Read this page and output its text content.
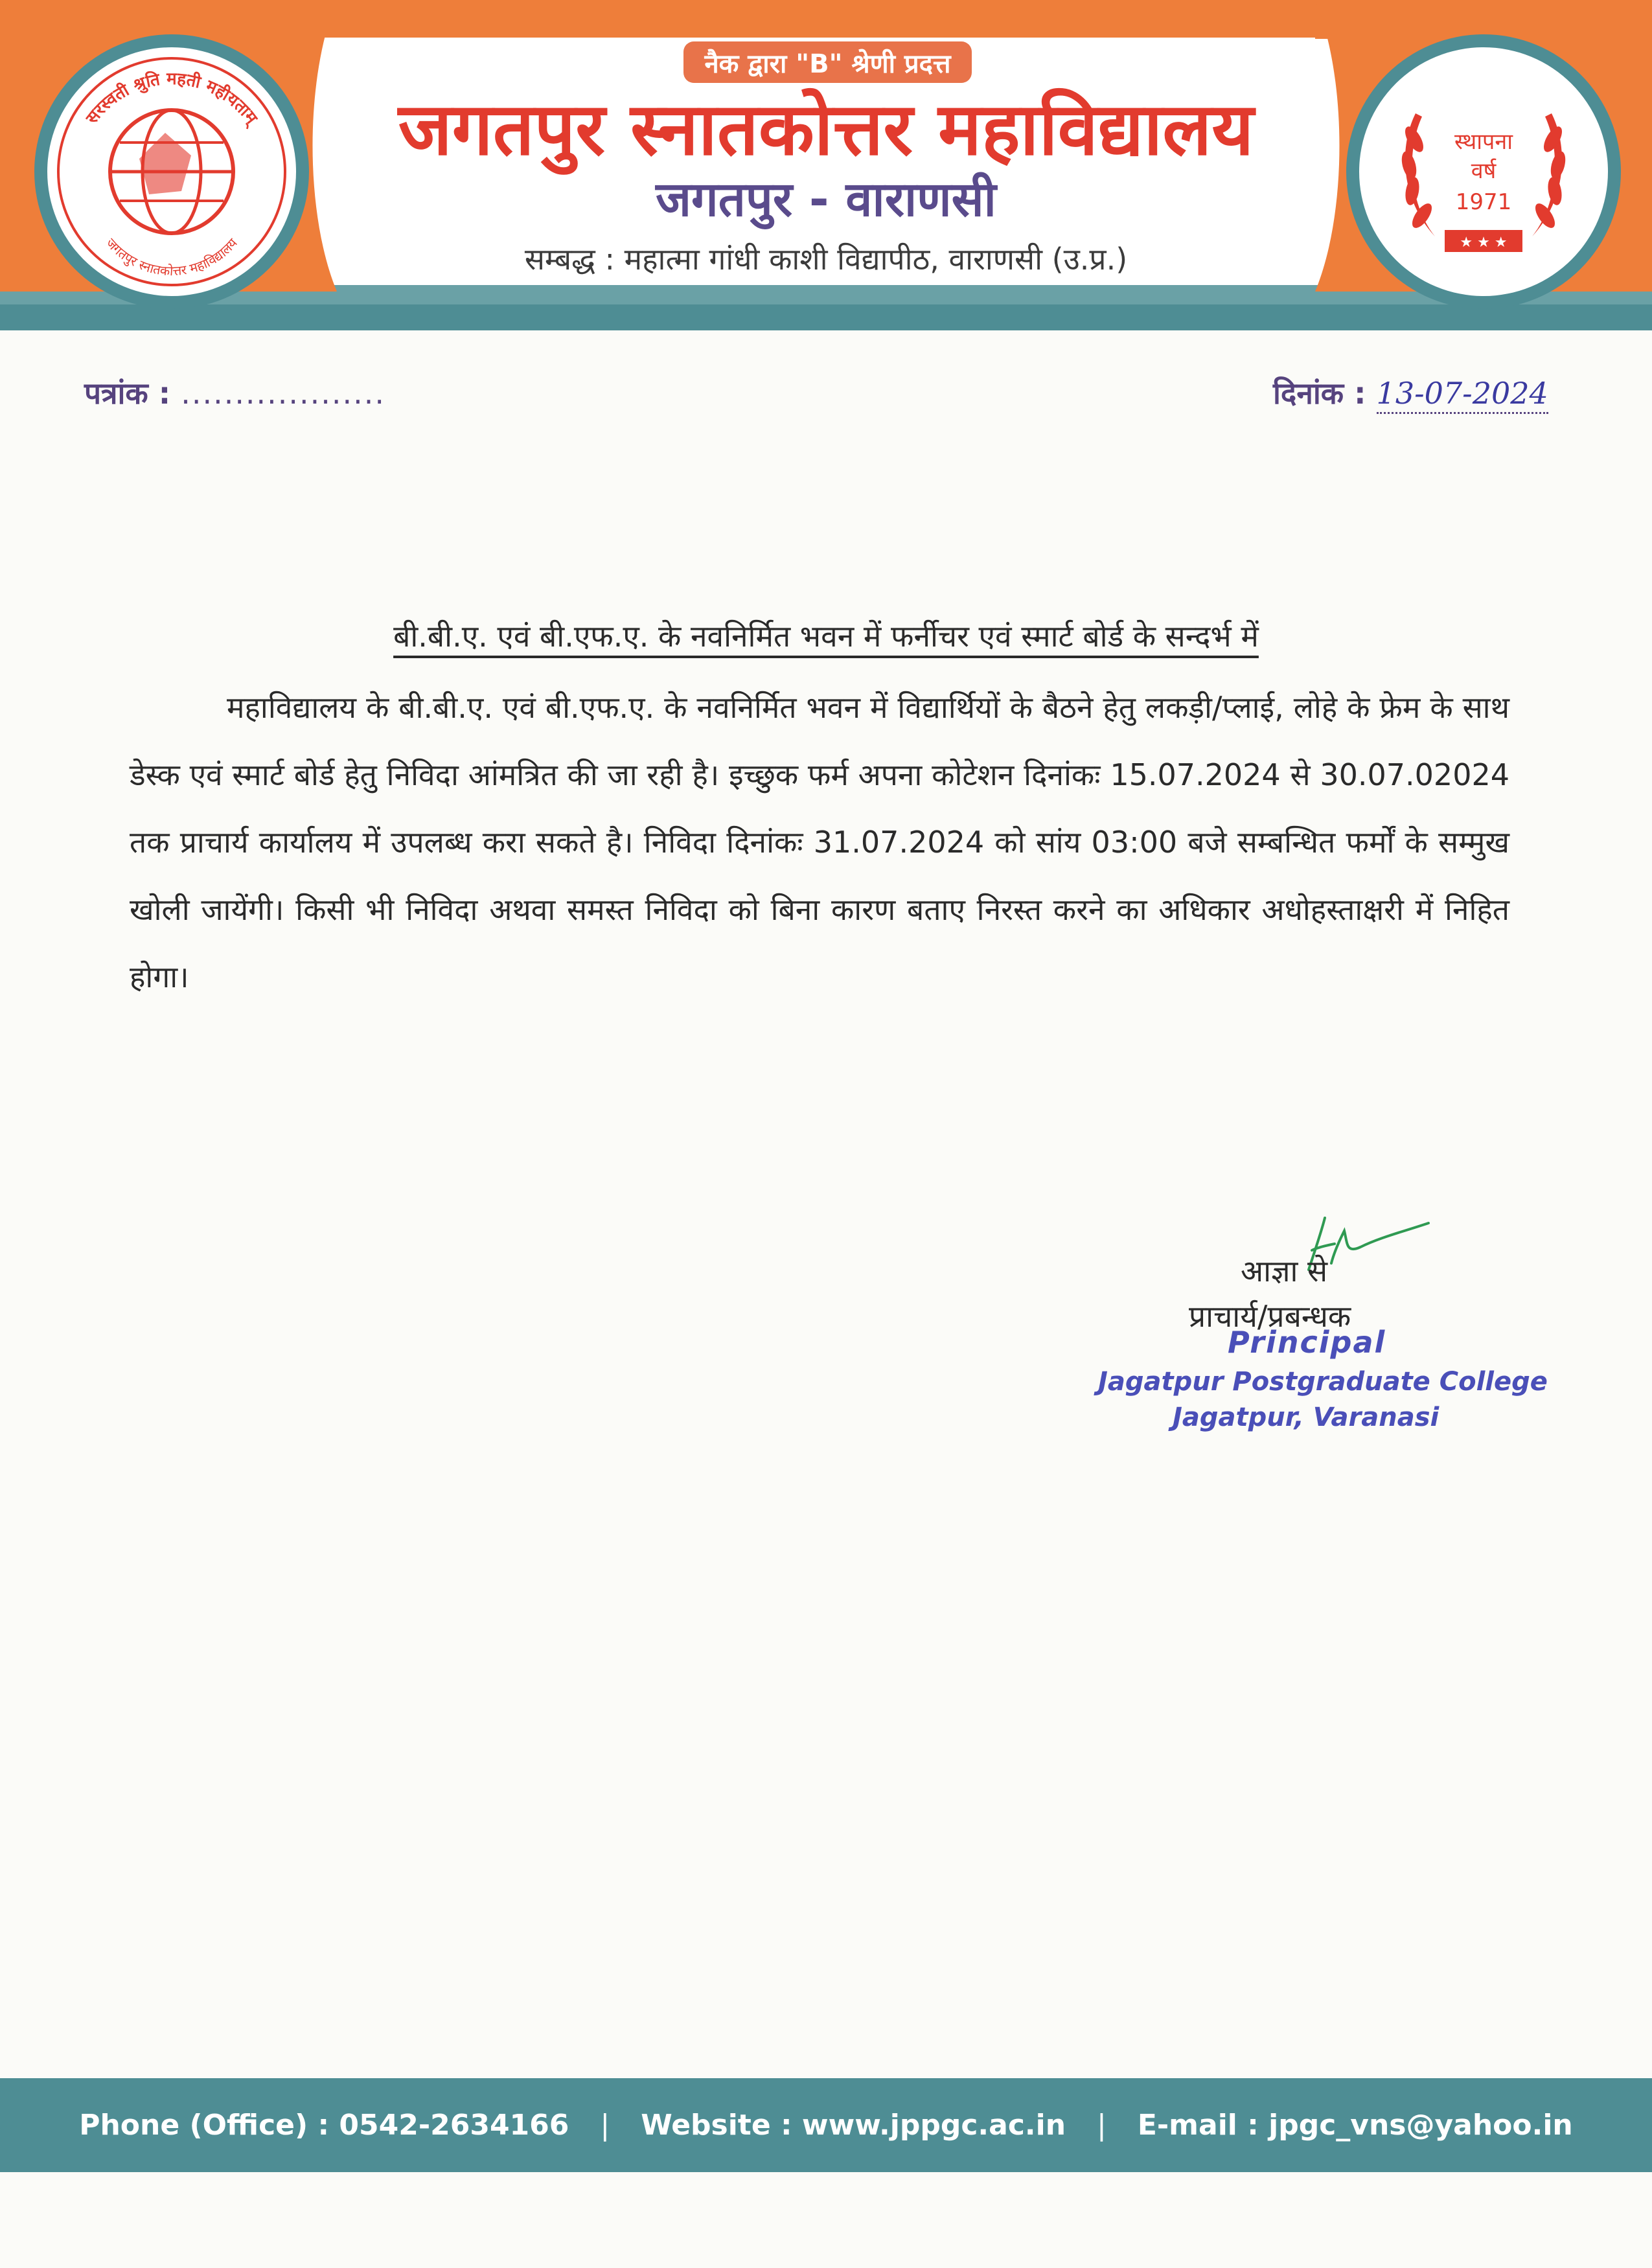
सरस्वती श्रुति महती महीयताम्
जगतपुर स्नातकोत्तर महाविद्यालय
स्थापना
वर्ष
1971
★ ★ ★
नैक द्वारा "B" श्रेणी प्रदत्त
जगतपुर स्नातकोत्तर महाविद्यालय
जगतपुर - वाराणसी
सम्बद्ध : महात्मा गांधी काशी विद्यापीठ, वाराणसी (उ.प्र.)
पत्रांक : ...................	दिनांक : 13-07-2024
बी.बी.ए. एवं बी.एफ.ए. के नवनिर्मित भवन में फर्नीचर एवं स्मार्ट बोर्ड के सन्दर्भ में

महाविद्यालय के बी.बी.ए. एवं बी.एफ.ए. के नवनिर्मित भवन में विद्यार्थियों के बैठने हेतु लकड़ी/प्लाई, लोहे के फ्रेम के साथ डेस्क एवं स्मार्ट बोर्ड हेतु निविदा आंमत्रित की जा रही है। इच्छुक फर्म अपना कोटेशन दिनांकः 15.07.2024 से 30.07.02024 तक प्राचार्य कार्यालय में उपलब्ध करा सकते है। निविदा दिनांकः 31.07.2024 को सांय 03:00 बजे सम्बन्धित फर्मों के सम्मुख खोली जायेंगी। किसी भी निविदा अथवा समस्त निविदा को बिना कारण बताए निरस्त करने का अधिकार अधोहस्ताक्षरी में निहित होगा।

आज्ञा से
प्राचार्य/प्रबन्धक
Principal
Jagatpur Postgraduate College
Jagatpur, Varanasi
Phone (Office) : 0542-2634166 | Website : www.jppgc.ac.in | E-mail : jpgc_vns@yahoo.in
